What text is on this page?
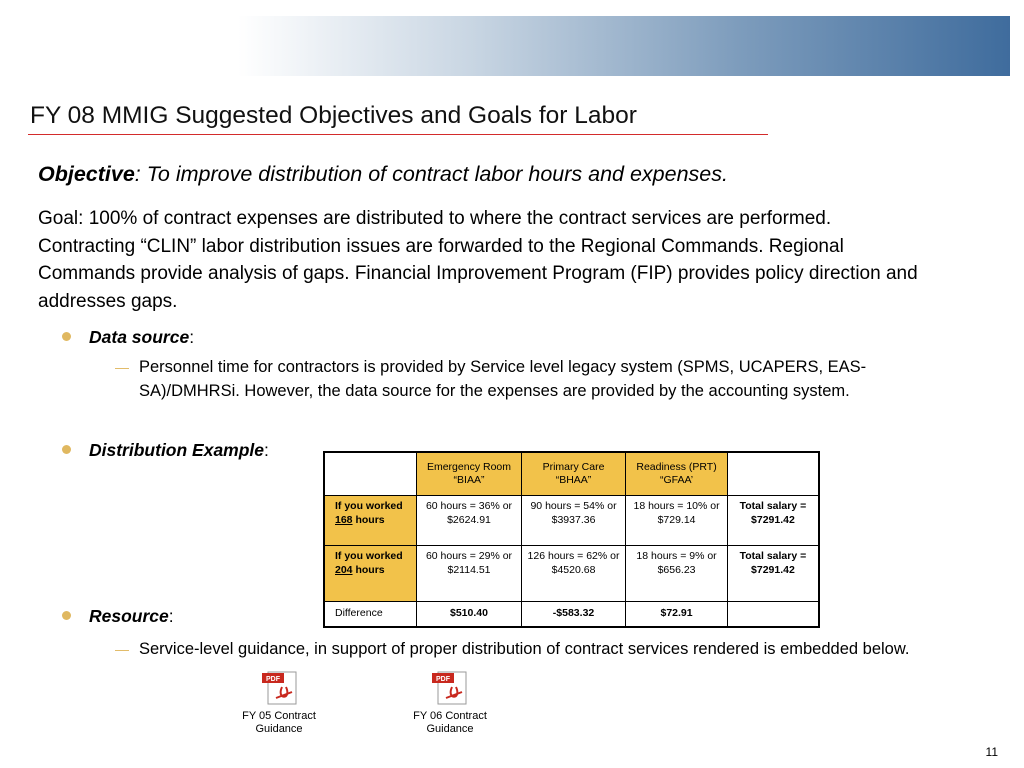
FY 08 MMIG Suggested Objectives and Goals for Labor
Objective: To improve distribution of contract labor hours and expenses.
Goal: 100% of contract expenses are distributed to where the contract services are performed. Contracting “CLIN” labor distribution issues are forwarded to the Regional Commands. Regional Commands provide analysis of gaps. Financial Improvement Program (FIP) provides policy direction and addresses gaps.
Data source:
— Personnel time for contractors is provided by Service level legacy system (SPMS, UCAPERS, EAS-SA)/DMHRSi. However, the data source for the expenses are provided by the accounting system.
Distribution Example:
	Emergency Room “BIAA”	Primary Care “BHAA”	Readiness (PRT) “GFAA’	
If you worked 168 hours	60 hours = 36% or $2624.91	90 hours = 54% or $3937.36	18 hours = 10% or $729.14	Total salary = $7291.42
If you worked 204 hours	60 hours = 29% or $2114.51	126 hours = 62% or $4520.68	18 hours = 9% or $656.23	Total salary = $7291.42
Difference	$510.40	-$583.32	$72.91	
Resource:
— Service-level guidance, in support of proper distribution of contract services rendered is embedded below.
PDF
FY 05 Contract Guidance
PDF
FY 06 Contract Guidance
11
